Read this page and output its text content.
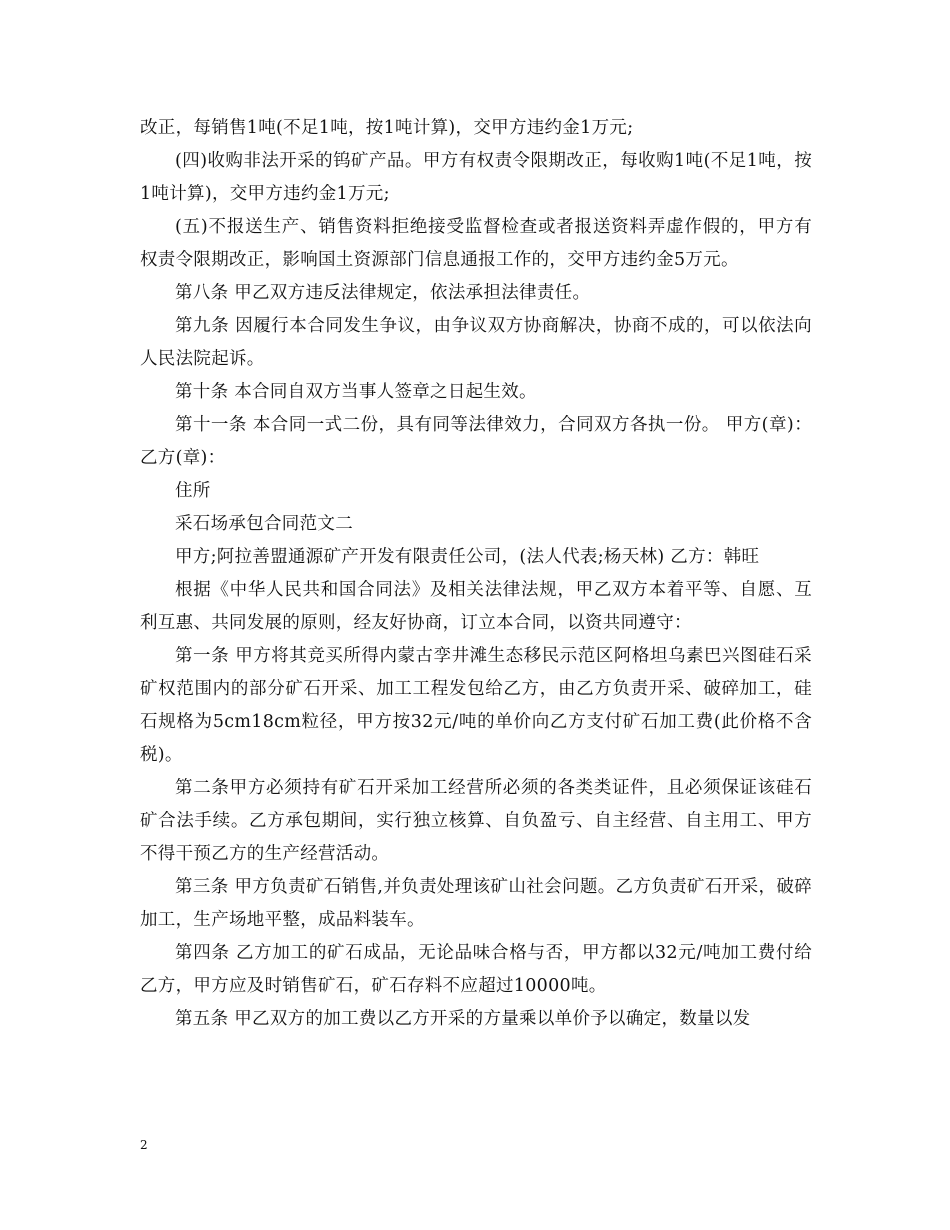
改正，每销售1吨(不足1吨，按1吨计算)，交甲方违约金1万元;

(四)收购非法开采的钨矿产品。甲方有权责令限期改正，每收购1吨(不足1吨，按1吨计算)，交甲方违约金1万元;

(五)不报送生产、销售资料拒绝接受监督检查或者报送资料弄虚作假的，甲方有权责令限期改正，影响国土资源部门信息通报工作的，交甲方违约金5万元。

第八条 甲乙双方违反法律规定，依法承担法律责任。

第九条 因履行本合同发生争议，由争议双方协商解决，协商不成的，可以依法向人民法院起诉。

第十条 本合同自双方当事人签章之日起生效。

第十一条 本合同一式二份，具有同等法律效力，合同双方各执一份。 甲方(章)： 乙方(章)：

住所

采石场承包合同范文二

甲方;阿拉善盟通源矿产开发有限责任公司，(法人代表;杨天林) 乙方：韩旺

根据《中华人民共和国合同法》及相关法律法规，甲乙双方本着平等、自愿、互利互惠、共同发展的原则，经友好协商，订立本合同，以资共同遵守：

第一条 甲方将其竞买所得内蒙古孪井滩生态移民示范区阿格坦乌素巴兴图硅石采矿权范围内的部分矿石开采、加工工程发包给乙方，由乙方负责开采、破碎加工，硅石规格为5cm18cm粒径，甲方按32元/吨的单价向乙方支付矿石加工费(此价格不含税)。

第二条甲方必须持有矿石开采加工经营所必须的各类类证件，且必须保证该硅石矿合法手续。乙方承包期间，实行独立核算、自负盈亏、自主经营、自主用工、甲方不得干预乙方的生产经营活动。

第三条 甲方负责矿石销售,并负责处理该矿山社会问题。乙方负责矿石开采，破碎加工，生产场地平整，成品料装车。

第四条 乙方加工的矿石成品，无论品味合格与否，甲方都以32元/吨加工费付给乙方，甲方应及时销售矿石，矿石存料不应超过10000吨。

第五条 甲乙双方的加工费以乙方开采的方量乘以单价予以确定，数量以发

2
